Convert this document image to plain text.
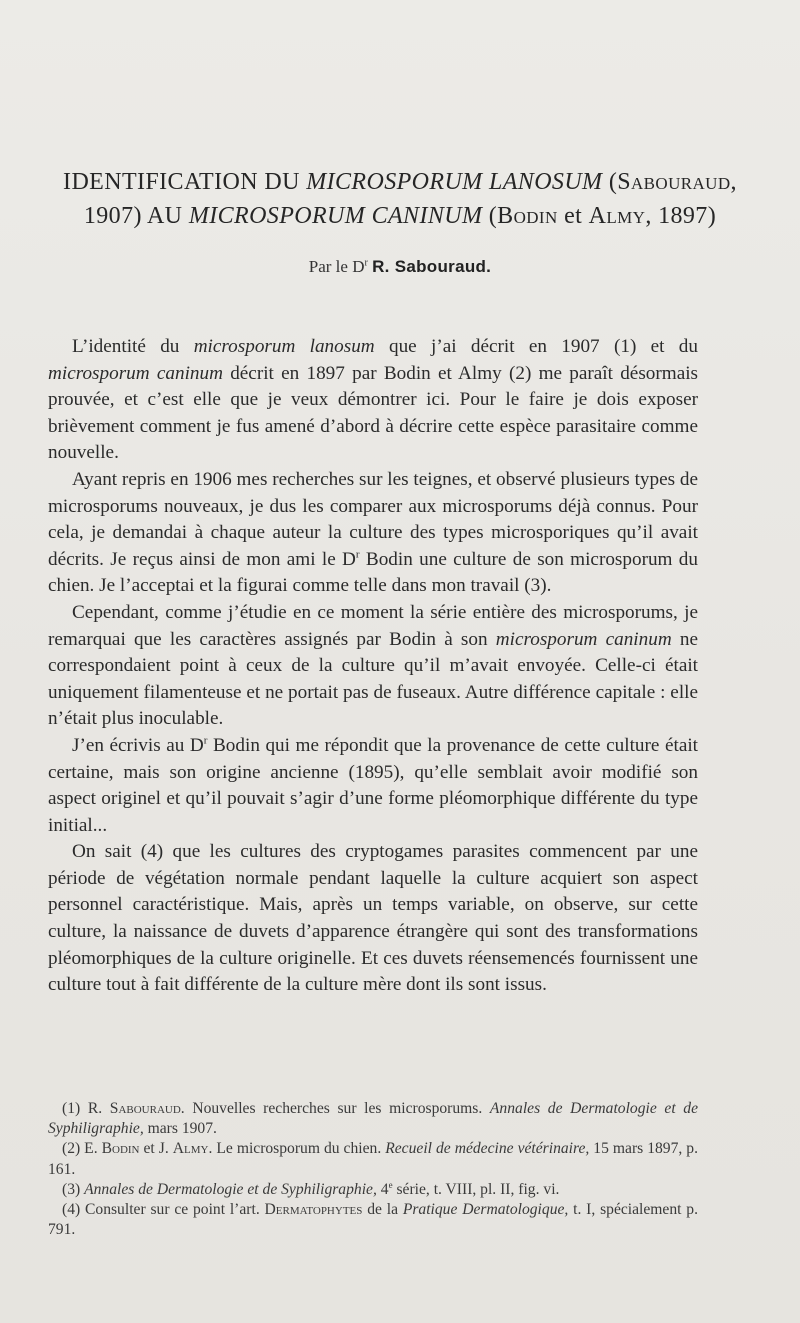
IDENTIFICATION DU MICROSPORUM LANOSUM (Sabouraud,
1907) AU MICROSPORUM CANINUM (Bodin et Almy, 1897)
Par le $D^r$ R. Sabouraud.

L’identité du microsporum lanosum que j’ai décrit en 1907 (1) et du microsporum caninum décrit en 1897 par Bodin et Almy (2) me paraît désormais prouvée, et c’est elle que je veux démontrer ici. Pour le faire je dois exposer brièvement comment je fus amené d’abord à décrire cette espèce parasitaire comme nouvelle.

Ayant repris en 1906 mes recherches sur les teignes, et observé plusieurs types de microsporums nouveaux, je dus les comparer aux microsporums déjà connus. Pour cela, je demandai à chaque auteur la culture des types microsporiques qu’il avait décrits. Je reçus ainsi de mon ami le $D^r$ Bodin une culture de son microsporum du chien. Je l’acceptai et la figurai comme telle dans mon travail (3).

Cependant, comme j’étudie en ce moment la série entière des microsporums, je remarquai que les caractères assignés par Bodin à son microsporum caninum ne correspondaient point à ceux de la culture qu’il m’avait envoyée. Celle-ci était uniquement filamenteuse et ne portait pas de fuseaux. Autre différence capitale : elle n’était plus inoculable.

J’en écrivis au $D^r$ Bodin qui me répondit que la provenance de cette culture était certaine, mais son origine ancienne (1895), qu’elle semblait avoir modifié son aspect originel et qu’il pouvait s’agir d’une forme pléomorphique différente du type initial...

On sait (4) que les cultures des cryptogames parasites commencent par une période de végétation normale pendant laquelle la culture acquiert son aspect personnel caractéristique. Mais, après un temps variable, on observe, sur cette culture, la naissance de duvets d’apparence étrangère qui sont des transformations pléomorphiques de la culture originelle. Et ces duvets réensemencés fournissent une culture tout à fait différente de la culture mère dont ils sont issus.

(1) R. Sabouraud. Nouvelles recherches sur les microsporums. Annales de Dermatologie et de Syphiligraphie, mars 1907.

(2) E. Bodin et J. Almy. Le microsporum du chien. Recueil de médecine vétérinaire, 15 mars 1897, p. 161.

(3) Annales de Dermatologie et de Syphiligraphie, 4e série, t. VIII, pl. II, fig. vi.

(4) Consulter sur ce point l’art. Dermatophytes de la Pratique Dermatologique, t. I, spécialement p. 791.
